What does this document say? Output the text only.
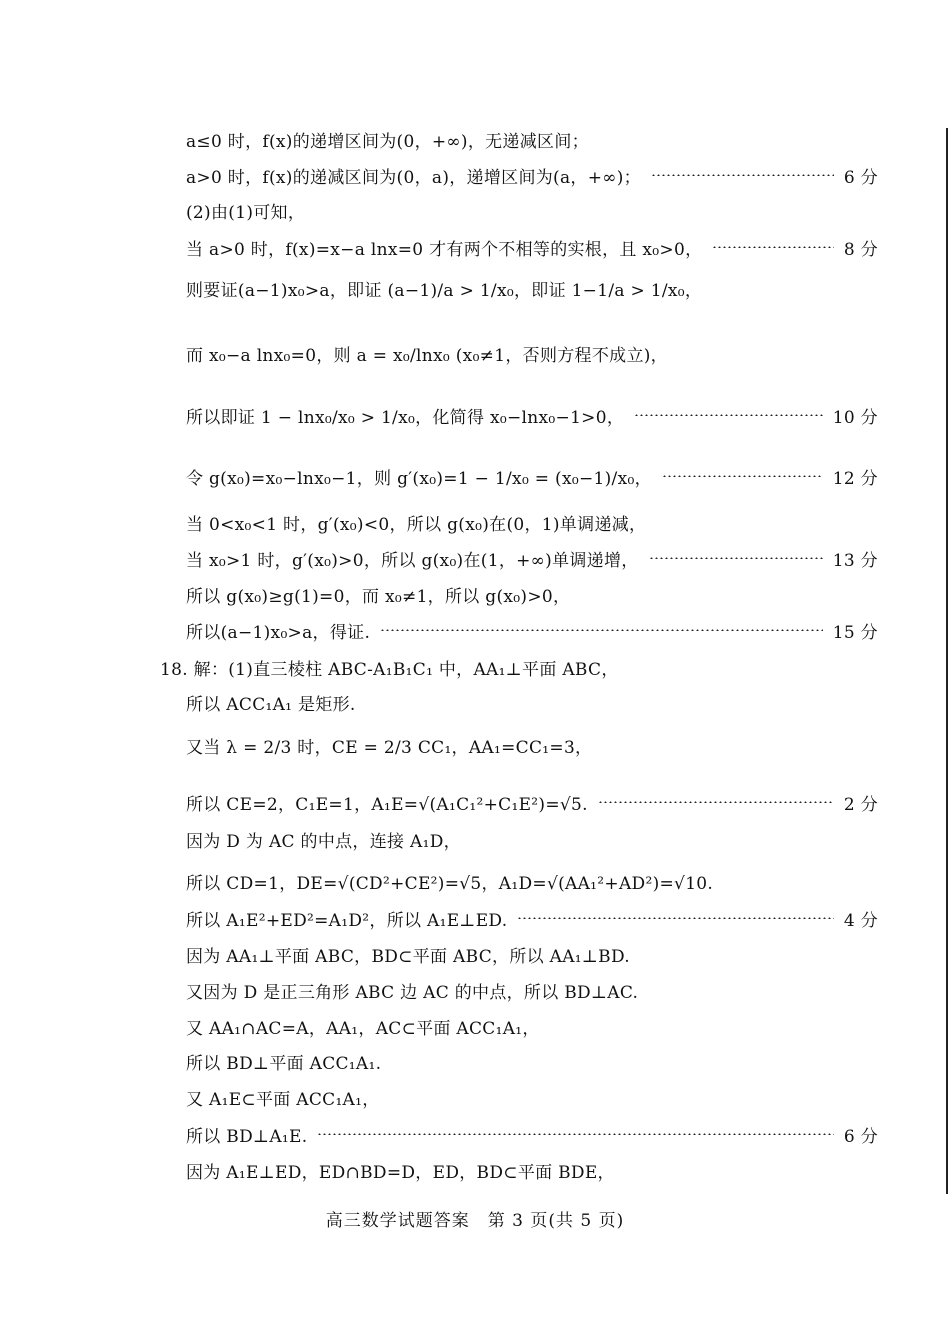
a≤0 时，f(x)的递增区间为(0，+∞)，无递减区间；
a>0 时，f(x)的递减区间为(0，a)，递增区间为(a，+∞)；	6 分
(2)由(1)可知，
当 a>0 时，f(x)=x−a lnx=0 才有两个不相等的实根，且 x₀>0，	8 分
则要证(a−1)x₀>a，即证 (a−1)/a > 1/x₀，即证 1−1/a > 1/x₀，
而 x₀−a lnx₀=0，则 a = x₀/lnx₀ (x₀≠1，否则方程不成立)，
所以即证 1 − lnx₀/x₀ > 1/x₀，化简得 x₀−lnx₀−1>0，	10 分
令 g(x₀)=x₀−lnx₀−1，则 g′(x₀)=1 − 1/x₀ = (x₀−1)/x₀，	12 分
当 0<x₀<1 时，g′(x₀)<0，所以 g(x₀)在(0，1)单调递减，
当 x₀>1 时，g′(x₀)>0，所以 g(x₀)在(1，+∞)单调递增，	13 分
所以 g(x₀)≥g(1)=0，而 x₀≠1，所以 g(x₀)>0，
所以(a−1)x₀>a，得证.	15 分
18. 解：(1)直三棱柱 ABC-A₁B₁C₁ 中，AA₁⊥平面 ABC，
所以 ACC₁A₁ 是矩形.
又当 λ = 2/3 时，CE = 2/3 CC₁，AA₁=CC₁=3，
所以 CE=2，C₁E=1，A₁E=√(A₁C₁²+C₁E²)=√5.	2 分
因为 D 为 AC 的中点，连接 A₁D，
所以 CD=1，DE=√(CD²+CE²)=√5，A₁D=√(AA₁²+AD²)=√10.
所以 A₁E²+ED²=A₁D²，所以 A₁E⊥ED.	4 分
因为 AA₁⊥平面 ABC，BD⊂平面 ABC，所以 AA₁⊥BD.
又因为 D 是正三角形 ABC 边 AC 的中点，所以 BD⊥AC.
又 AA₁∩AC=A，AA₁，AC⊂平面 ACC₁A₁，
所以 BD⊥平面 ACC₁A₁.
又 A₁E⊂平面 ACC₁A₁，
所以 BD⊥A₁E.	6 分
因为 A₁E⊥ED，ED∩BD=D，ED，BD⊂平面 BDE，
高三数学试题答案　第 3 页(共 5 页)
